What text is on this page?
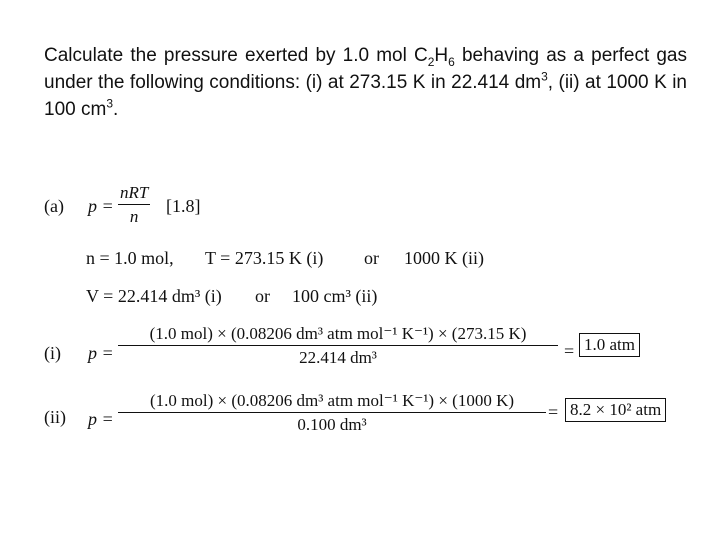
Calculate the pressure exerted by 1.0 mol $C_2H_6$ behaving as a perfect gas under the following conditions: (i) at 273.15 K in 22.414 $dm^3$, (ii) at 1000 K in 100 $cm^3$.
(a) p =
nRT
n
[1.8]
n = 1.0 mol, T = 273.15 K (i) or 1000 K (ii)
V = 22.414 dm³ (i) or 100 cm³ (ii)
(i) p =
(1.0 mol) × (0.08206 dm³ atm mol⁻¹ K⁻¹) × (273.15 K)
22.414 dm³	= 1.0 atm
(ii) p =
(1.0 mol) × (0.08206 dm³ atm mol⁻¹ K⁻¹) × (1000 K)
0.100 dm³
= 8.2 × 10² atm
